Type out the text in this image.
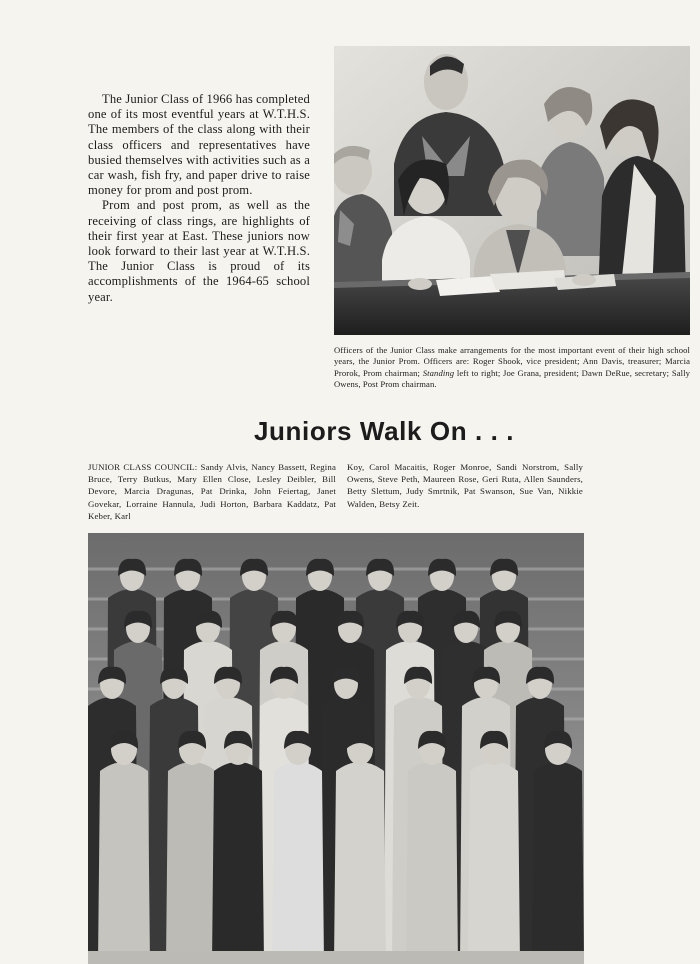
The Junior Class of 1966 has completed one of its most eventful years at W.T.H.S. The members of the class along with their class officers and representatives have busied themselves with activities such as a car wash, fish fry, and paper drive to raise money for prom and post prom.

Prom and post prom, as well as the receiving of class rings, are highlights of their first year at East. These juniors now look forward to their last year at W.T.H.S. The Junior Class is proud of its accomplishments of the 1964-65 school year.

Officers of the Junior Class make arrangements for the most important event of their high school years, the Junior Prom. Officers are: Roger Shook, vice president; Ann Davis, treasurer; Marcia Prorok, Prom chairman; Standing left to right; Joe Grana, president; Dawn DeRue, secretary; Sally Owens, Post Prom chairman.
Juniors Walk On . . .
JUNIOR CLASS COUNCIL: Sandy Alvis, Nancy Bassett, Regina Bruce, Terry Butkus, Mary Ellen Close, Lesley Deibler, Bill Devore, Marcia Dragunas, Pat Drinka, John Feiertag, Janet Govekar, Lorraine Hannula, Judi Horton, Barbara Kaddatz, Pat Keber, Karl
Koy, Carol Macaitis, Roger Monroe, Sandi Norstrom, Sally Owens, Steve Peth, Maureen Rose, Geri Ruta, Allen Saunders, Betty Slettum, Judy Smrtnik, Pat Swanson, Sue Van, Nikkie Walden, Betsy Zeit.
